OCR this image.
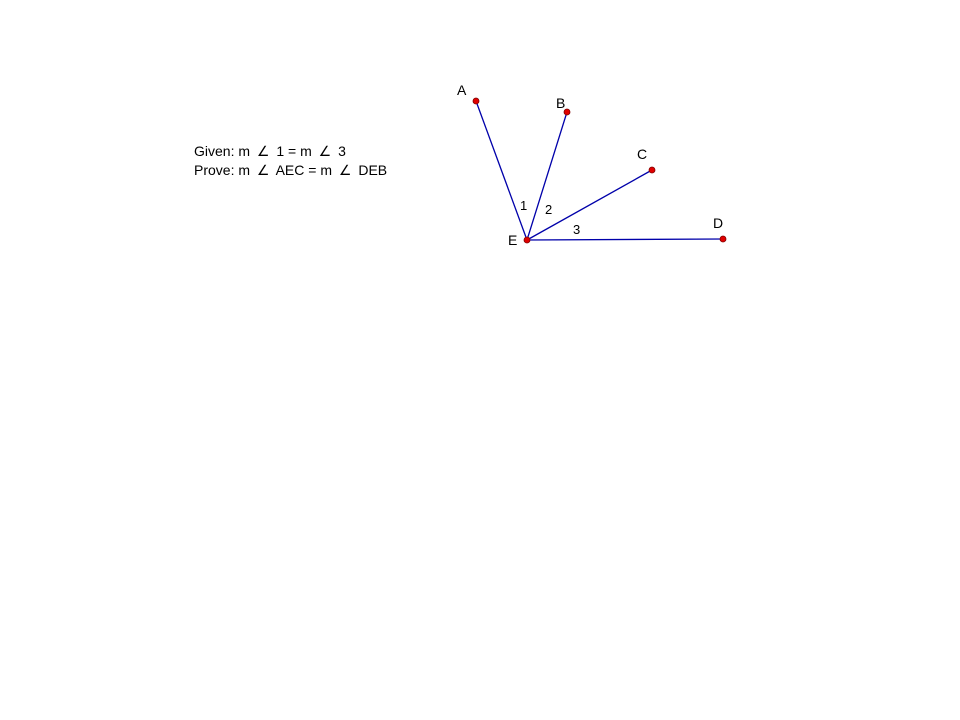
Given: m ∠ 1 = m ∠ 3
Prove: m ∠ AEC = m ∠ DEB
A
B
C
D
E
1 2
3
